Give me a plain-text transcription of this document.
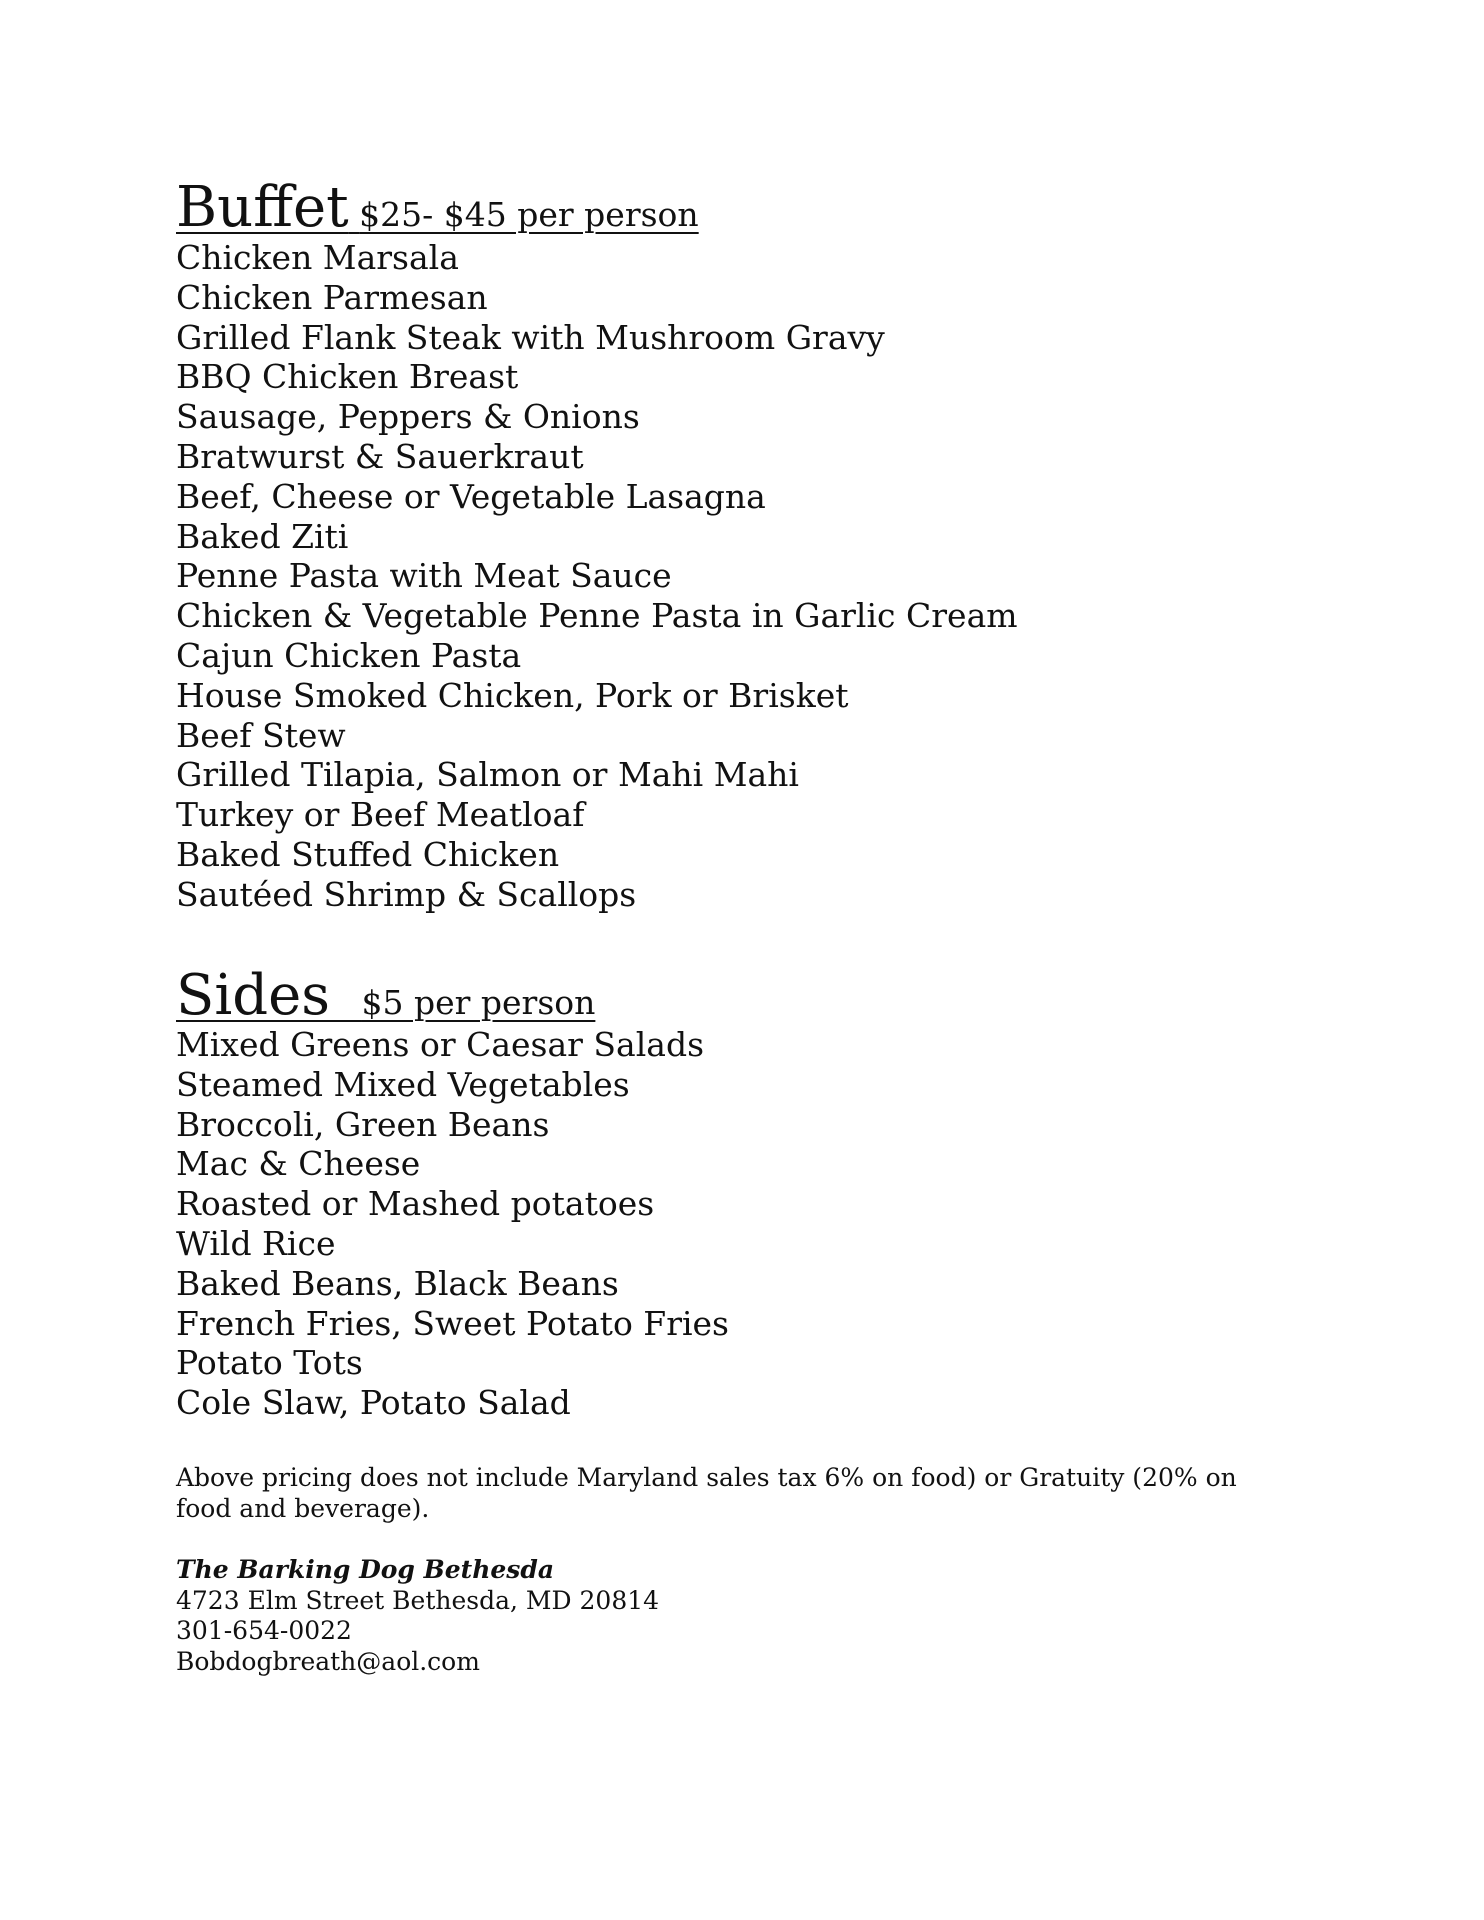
Buffet $25- $45 per person
Chicken Marsala
Chicken Parmesan
Grilled Flank Steak with Mushroom Gravy
BBQ Chicken Breast
Sausage, Peppers & Onions
Bratwurst & Sauerkraut
Beef, Cheese or Vegetable Lasagna
Baked Ziti
Penne Pasta with Meat Sauce
Chicken & Vegetable Penne Pasta in Garlic Cream
Cajun Chicken Pasta
House Smoked Chicken, Pork or Brisket
Beef Stew
Grilled Tilapia, Salmon or Mahi Mahi
Turkey or Beef Meatloaf
Baked Stuffed Chicken
Sautéed Shrimp & Scallops
Sides $5 per person
Mixed Greens or Caesar Salads
Steamed Mixed Vegetables
Broccoli, Green Beans
Mac & Cheese
Roasted or Mashed potatoes
Wild Rice
Baked Beans, Black Beans
French Fries, Sweet Potato Fries
Potato Tots
Cole Slaw, Potato Salad

Above pricing does not include Maryland sales tax 6% on food) or Gratuity (20% on food and beverage).

The Barking Dog Bethesda
4723 Elm Street Bethesda, MD 20814
301-654-0022
Bobdogbreath@aol.com
